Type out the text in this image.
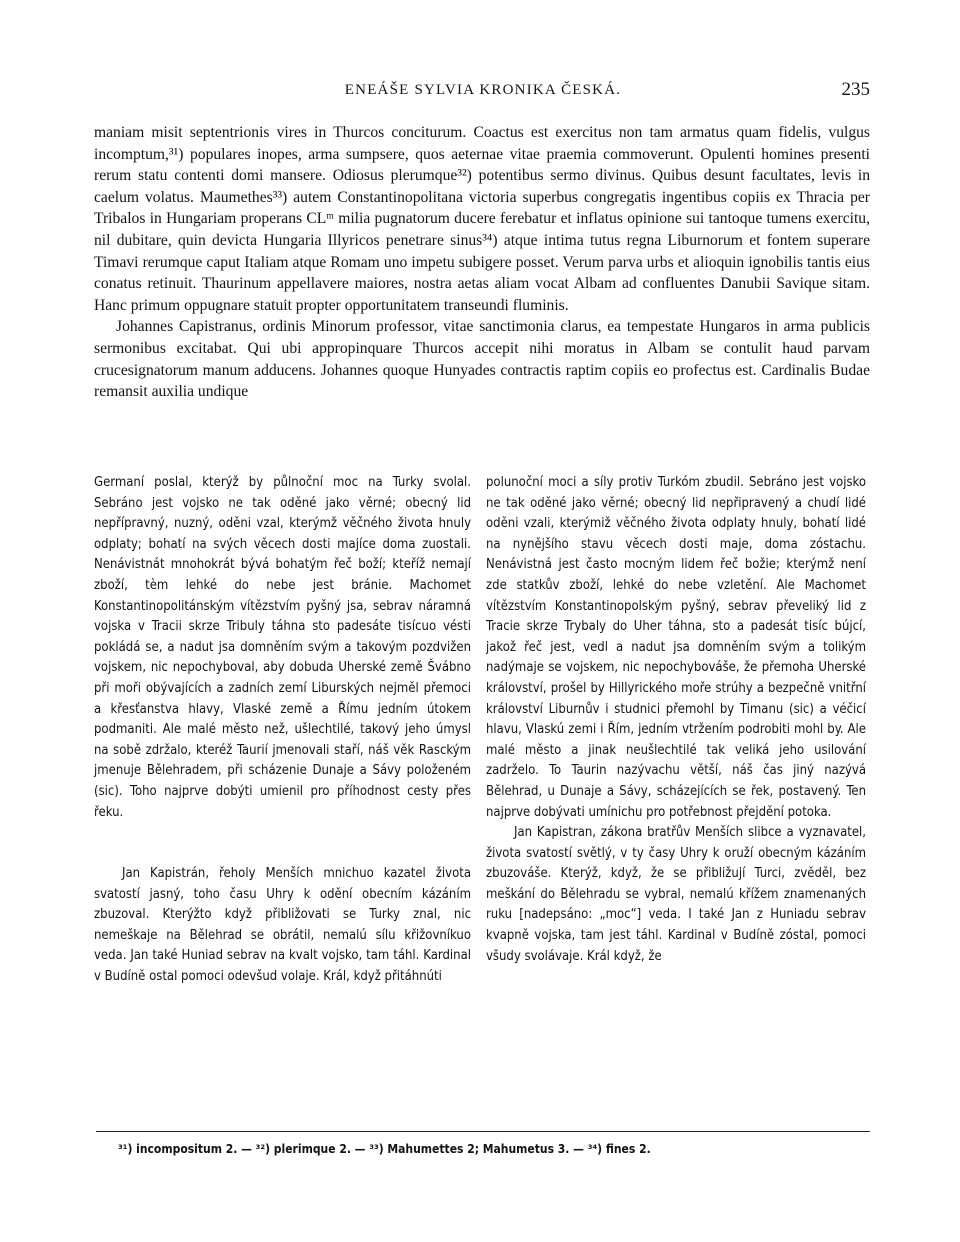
ENEÁŠE SYLVIA KRONIKA ČESKÁ.	235

maniam misit septentrionis vires in Thurcos conciturum. Coactus est exercitus non tam armatus quam fidelis, vulgus incomptum,³¹) populares inopes, arma sumpsere, quos aeternae vitae praemia commoverunt. Opulenti homines presenti rerum statu contenti domi mansere. Odiosus plerumque³²) potentibus sermo divinus. Quibus desunt facultates, levis in caelum volatus. Maumethes³³) autem Constantinopolitana victoria superbus congregatis ingentibus copiis ex Thracia per Tribalos in Hungariam properans CLᵐ milia pugnatorum ducere ferebatur et inflatus opinione sui tantoque tumens exercitu, nil dubitare, quin devicta Hungaria Illyricos penetrare sinus³⁴) atque intima tutus regna Liburnorum et fontem superare Timavi rerumque caput Italiam atque Romam uno impetu subigere posset. Verum parva urbs et alioquin ignobilis tantis eius conatus retinuit. Thaurinum appellavere maiores, nostra aetas aliam vocat Albam ad confluentes Danubii Savique sitam. Hanc primum oppugnare statuit propter opportunitatem transeundi fluminis.

Johannes Capistranus, ordinis Minorum professor, vitae sanctimonia clarus, ea tempestate Hungaros in arma publicis sermonibus excitabat. Qui ubi appropinquare Thurcos accepit nihi moratus in Albam se contulit haud parvam crucesignatorum manum adducens. Johannes quoque Hunyades contractis raptim copiis eo profectus est. Cardinalis Budae remansit auxilia undique

Germaní poslal, kterýž by půlnoční moc na Turky svolal. Sebráno jest vojsko ne tak oděné jako věrné; obecný lid nepřípravný, nuzný, oděni vzal, kterýmž věčného života hnuly odplaty; bohatí na svých věcech dosti majíce doma zuostali. Nenávistnát mnohokrát bývá bohatým řeč boží; kteříž nemají zboží, tèm lehké do nebe jest bránie. Machomet Konstantinopolitánským vítězstvím pyšný jsa, sebrav náramná vojska v Tracii skrze Tribuly táhna sto padesáte tisícuo vésti pokládá se, a nadut jsa domněním svým a takovým pozdvižen vojskem, nic nepochyboval, aby dobuda Uherské země Švábno při moři obývajících a zadních zemí Liburských nejměl přemoci a křesťanstva hlavy, Vlaské země a Římu jedním útokem podmaniti. Ale malé město než, ušlechtilé, takový jeho úmysl na sobě zdržalo, kteréž Taurií jmenovali staří, náš věk Rasckým jmenuje Bělehradem, při scházenie Dunaje a Sávy položeném (sic). Toho najprve dobýti umienil pro příhodnost cesty přes řeku.

Jan Kapistrán, řeholy Menších mnichuo kazatel života svatostí jasný, toho času Uhry k odění obecním kázáním zbuzoval. Kterýžto když přibližovati se Turky znal, nic nemeškaje na Bělehrad se obrátil, nemalú sílu křižovníkuo veda. Jan také Huniad sebrav na kvalt vojsko, tam táhl. Kardinal v Budíně ostal pomoci odevšud volaje. Král, když přitáhnúti

polunoční moci a síly protiv Turkóm zbudil. Sebráno jest vojsko ne tak oděné jako věrné; obecný lid nepřipravený a chudí lidé oděni vzali, kterýmiž věčného života odplaty hnuly, bohatí lidé na nynějšího stavu věcech dosti maje, doma zóstachu. Nenávistná jest často mocným lidem řeč božie; kterýmž není zde statkův zboží, lehké do nebe vzletění. Ale Machomet vítězstvím Konstantinopolským pyšný, sebrav převeliký lid z Tracie skrze Trybaly do Uher táhna, sto a padesát tisíc bújcí, jakož řeč jest, vedl a nadut jsa domněním svým a tolikým nadýmaje se vojskem, nic nepochybováše, že přemoha Uherské království, prošel by Hillyrického moře strúhy a bezpečně vnitřní království Liburnův i studnici přemohl by Timanu (sic) a véčicí hlavu, Vlaskú zemi i Řím, jedním vtržením podrobiti mohl by. Ale malé město a jinak neušlechtilé tak veliká jeho usilování zadrželo. To Taurin nazývachu větší, náš čas jiný nazývá Bělehrad, u Dunaje a Sávy, scházejících se řek, postavený. Ten najprve dobývati umínichu pro potřebnost přejdění potoka.

Jan Kapistran, zákona bratřův Menších slibce a vyznavatel, života svatostí světlý, v ty časy Uhry k oruží obecným kázáním zbuzováše. Kterýž, když, že se přibližují Turci, zvěděl, bez meškání do Bělehradu se vybral, nemalú křížem znamenaných ruku [nadepsáno: „moc“] veda. I také Jan z Huniadu sebrav kvapně vojska, tam jest táhl. Kardinal v Budíně zóstal, pomoci všudy svolávaje. Král když, že

³¹) incompositum 2. — ³²) plerimque 2. — ³³) Mahumettes 2; Mahumetus 3. — ³⁴) fines 2.
